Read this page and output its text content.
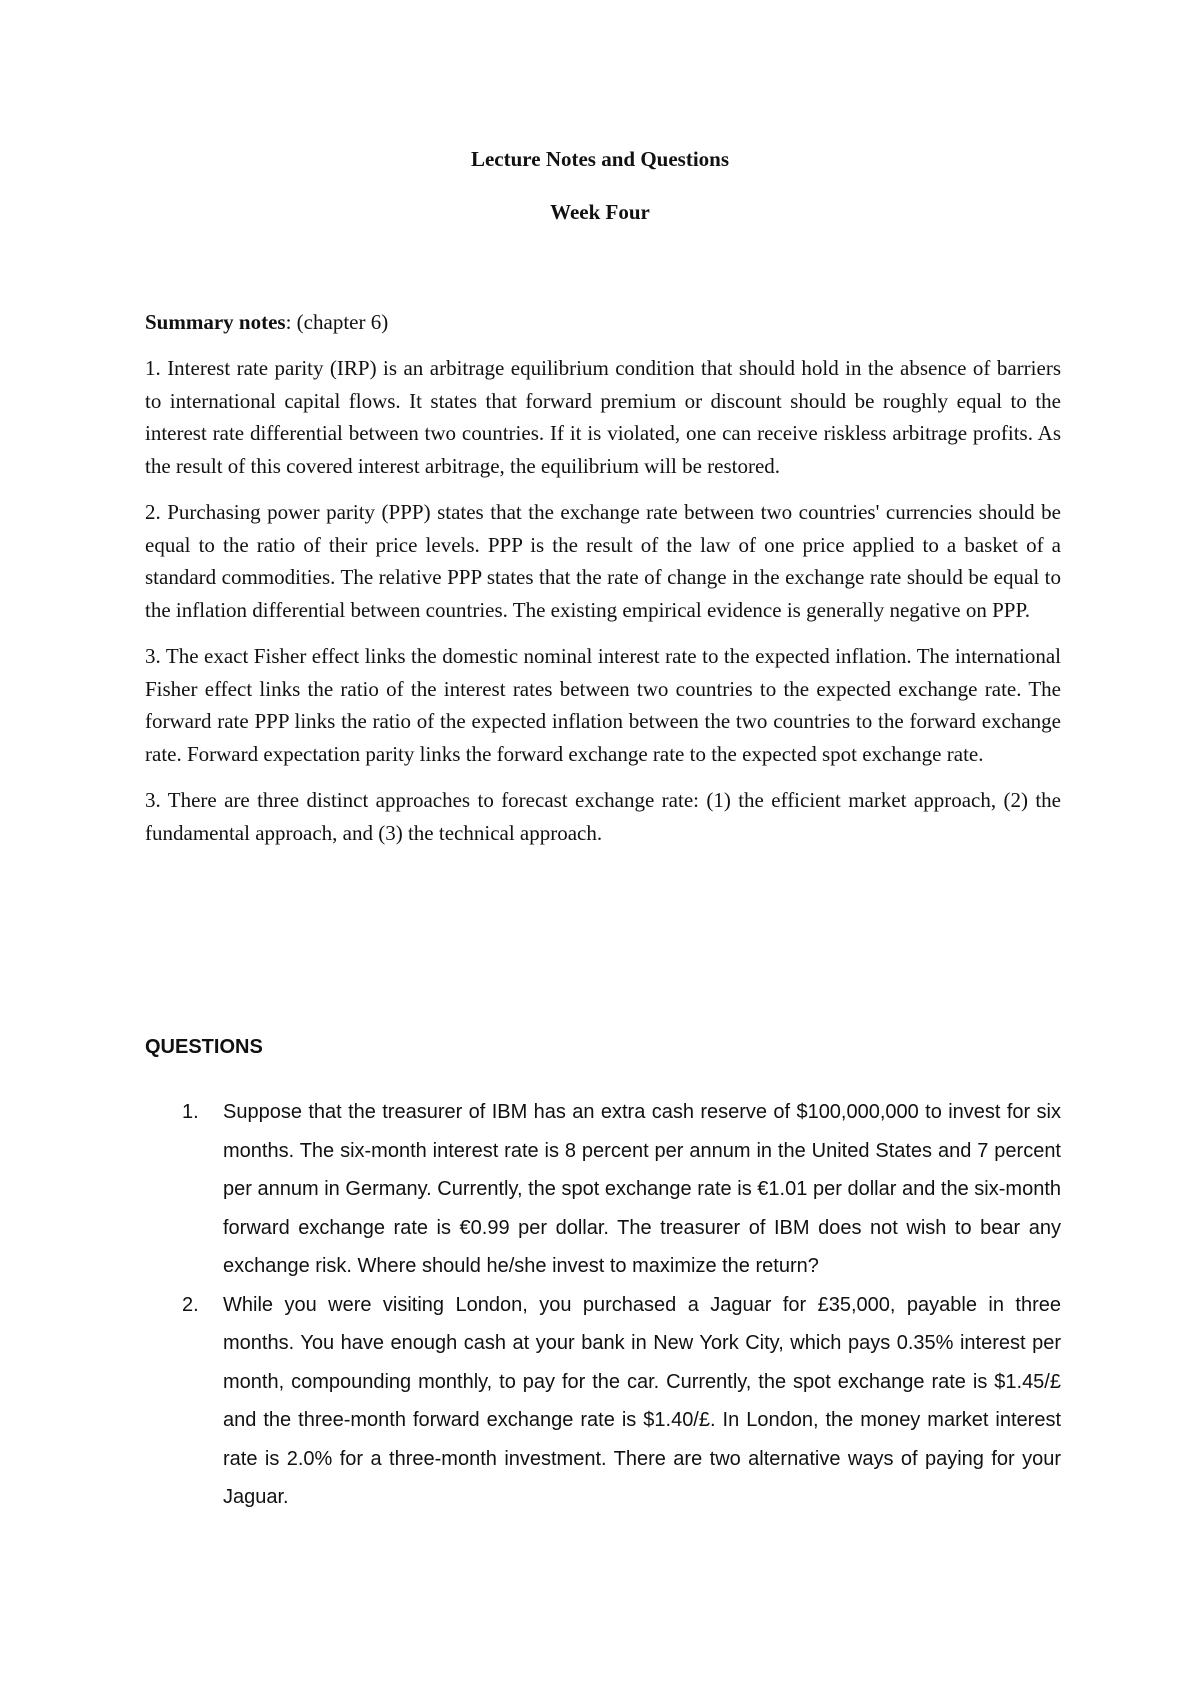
Lecture Notes and Questions
Week Four
Summary notes: (chapter 6)

1. Interest rate parity (IRP) is an arbitrage equilibrium condition that should hold in the absence of barriers to international capital flows. It states that forward premium or discount should be roughly equal to the interest rate differential between two countries. If it is violated, one can receive riskless arbitrage profits. As the result of this covered interest arbitrage, the equilibrium will be restored.

2. Purchasing power parity (PPP) states that the exchange rate between two countries' currencies should be equal to the ratio of their price levels. PPP is the result of the law of one price applied to a basket of a standard commodities. The relative PPP states that the rate of change in the exchange rate should be equal to the inflation differential between countries. The existing empirical evidence is generally negative on PPP.

3. The exact Fisher effect links the domestic nominal interest rate to the expected inflation. The international Fisher effect links the ratio of the interest rates between two countries to the expected exchange rate. The forward rate PPP links the ratio of the expected inflation between the two countries to the forward exchange rate. Forward expectation parity links the forward exchange rate to the expected spot exchange rate.

3. There are three distinct approaches to forecast exchange rate: (1) the efficient market approach, (2) the fundamental approach, and (3) the technical approach.

QUESTIONS
1. Suppose that the treasurer of IBM has an extra cash reserve of $100,000,000 to invest for six months. The six-month interest rate is 8 percent per annum in the United States and 7 percent per annum in Germany. Currently, the spot exchange rate is €1.01 per dollar and the six-month forward exchange rate is €0.99 per dollar. The treasurer of IBM does not wish to bear any exchange risk. Where should he/she invest to maximize the return?
2. While you were visiting London, you purchased a Jaguar for £35,000, payable in three months. You have enough cash at your bank in New York City, which pays 0.35% interest per month, compounding monthly, to pay for the car. Currently, the spot exchange rate is $1.45/£ and the three-month forward exchange rate is $1.40/£. In London, the money market interest rate is 2.0% for a three-month investment. There are two alternative ways of paying for your Jaguar.
